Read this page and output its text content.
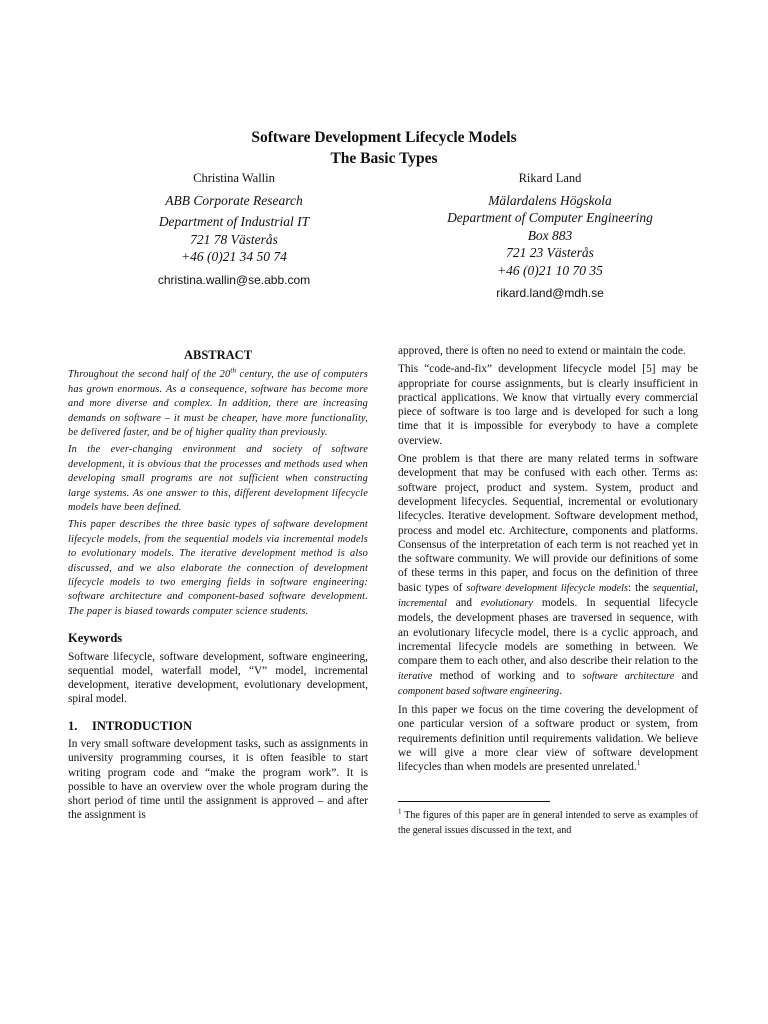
Software Development Lifecycle Models
The Basic Types
Christina Wallin
ABB Corporate Research
Department of Industrial IT
721 78 Västerås
+46 (0)21 34 50 74
christina.wallin@se.abb.com
Rikard Land
Mälardalens Högskola
Department of Computer Engineering
Box 883
721 23 Västerås
+46 (0)21 10 70 35
rikard.land@mdh.se
ABSTRACT
Throughout the second half of the 20th century, the use of computers has grown enormous. As a consequence, software has become more and more diverse and complex. In addition, there are increasing demands on software – it must be cheaper, have more functionality, be delivered faster, and be of higher quality than previously.
In the ever-changing environment and society of software development, it is obvious that the processes and methods used when developing small programs are not sufficient when constructing large systems. As one answer to this, different development lifecycle models have been defined.
This paper describes the three basic types of software development lifecycle models, from the sequential models via incremental models to evolutionary models. The iterative development method is also discussed, and we also elaborate the connection of development lifecycle models to two emerging fields in software engineering: software architecture and component-based software development. The paper is biased towards computer science students.
Keywords

Software lifecycle, software development, software engineering, sequential model, waterfall model, “V” model, incremental development, iterative development, evolutionary development, spiral model.

1. INTRODUCTION

In very small software development tasks, such as assignments in university programming courses, it is often feasible to start writing program code and “make the program work”. It is possible to have an overview over the whole program during the short period of time until the assignment is approved – and after the assignment is

approved, there is often no need to extend or maintain the code.

This “code-and-fix” development lifecycle model [5] may be appropriate for course assignments, but is clearly insufficient in practical applications. We know that virtually every commercial piece of software is too large and is developed for such a long time that it is impossible for everybody to have a complete overview.

One problem is that there are many related terms in software development that may be confused with each other. Terms as: software project, product and system. System, product and development lifecycles. Sequential, incremental or evolutionary lifecycles. Iterative development. Software development method, process and model etc. Architecture, components and platforms. Consensus of the interpretation of each term is not reached yet in the software community. We will provide our definitions of some of these terms in this paper, and focus on the definition of three basic types of software development lifecycle models: the sequential, incremental and evolutionary models. In sequential lifecycle models, the development phases are traversed in sequence, with an evolutionary lifecycle model, there is a cyclic approach, and incremental lifecycle models are something in between. We compare them to each other, and also describe their relation to the iterative method of working and to software architecture and component based software engineering.

In this paper we focus on the time covering the development of one particular version of a software product or system, from requirements definition until requirements validation. We believe we will give a more clear view of software development lifecycles than when models are presented unrelated.$^1$

$^1$ The figures of this paper are in general intended to serve as examples of the general issues discussed in the text, and
